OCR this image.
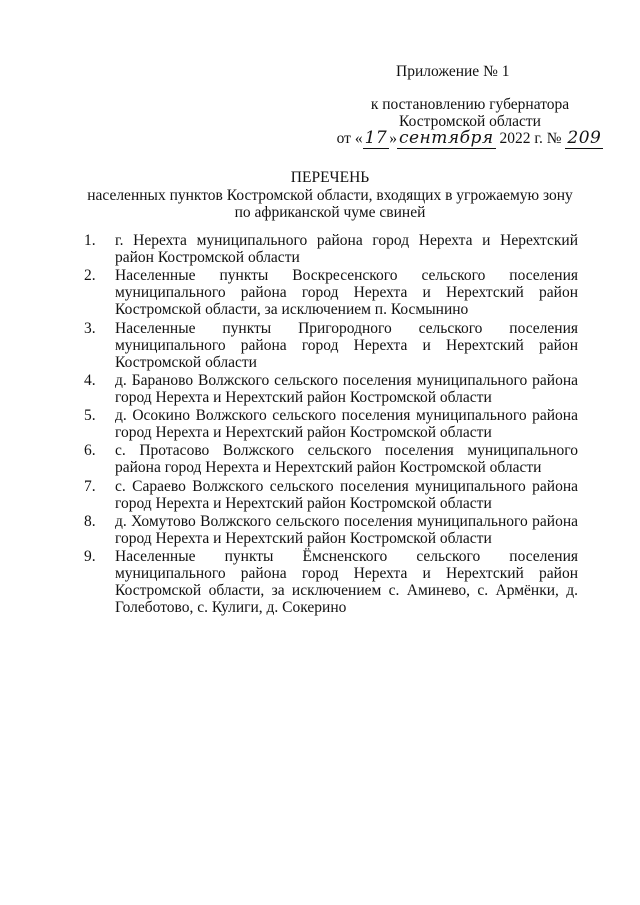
Приложение № 1
к постановлению губернатора
Костромской области
от « 17 » сентября 2022 г. № 209
ПЕРЕЧЕНЬ
населенных пунктов Костромской области, входящих в угрожаемую зону
по африканской чуме свиней
1. г. Нерехта муниципального района город Нерехта и Нерехтский район Костромской области
2. Населенные пункты Воскресенского сельского поселения муниципального района город Нерехта и Нерехтский район Костромской области, за исключением п. Космынино
3. Населенные пункты Пригородного сельского поселения муниципального района город Нерехта и Нерехтский район Костромской области
4. д. Бараново Волжского сельского поселения муниципального района город Нерехта и Нерехтский район Костромской области
5. д. Осокино Волжского сельского поселения муниципального района город Нерехта и Нерехтский район Костромской области
6. с. Протасово Волжского сельского поселения муниципального района город Нерехта и Нерехтский район Костромской области
7. с. Сараево Волжского сельского поселения муниципального района город Нерехта и Нерехтский район Костромской области
8. д. Хомутово Волжского сельского поселения муниципального района город Нерехта и Нерехтский район Костромской области
9. Населенные пункты Ёмсненского сельского поселения муниципального района город Нерехта и Нерехтский район Костромской области, за исключением с. Аминево, с. Армёнки, д. Голеботово, с. Кулиги, д. Сокерино
